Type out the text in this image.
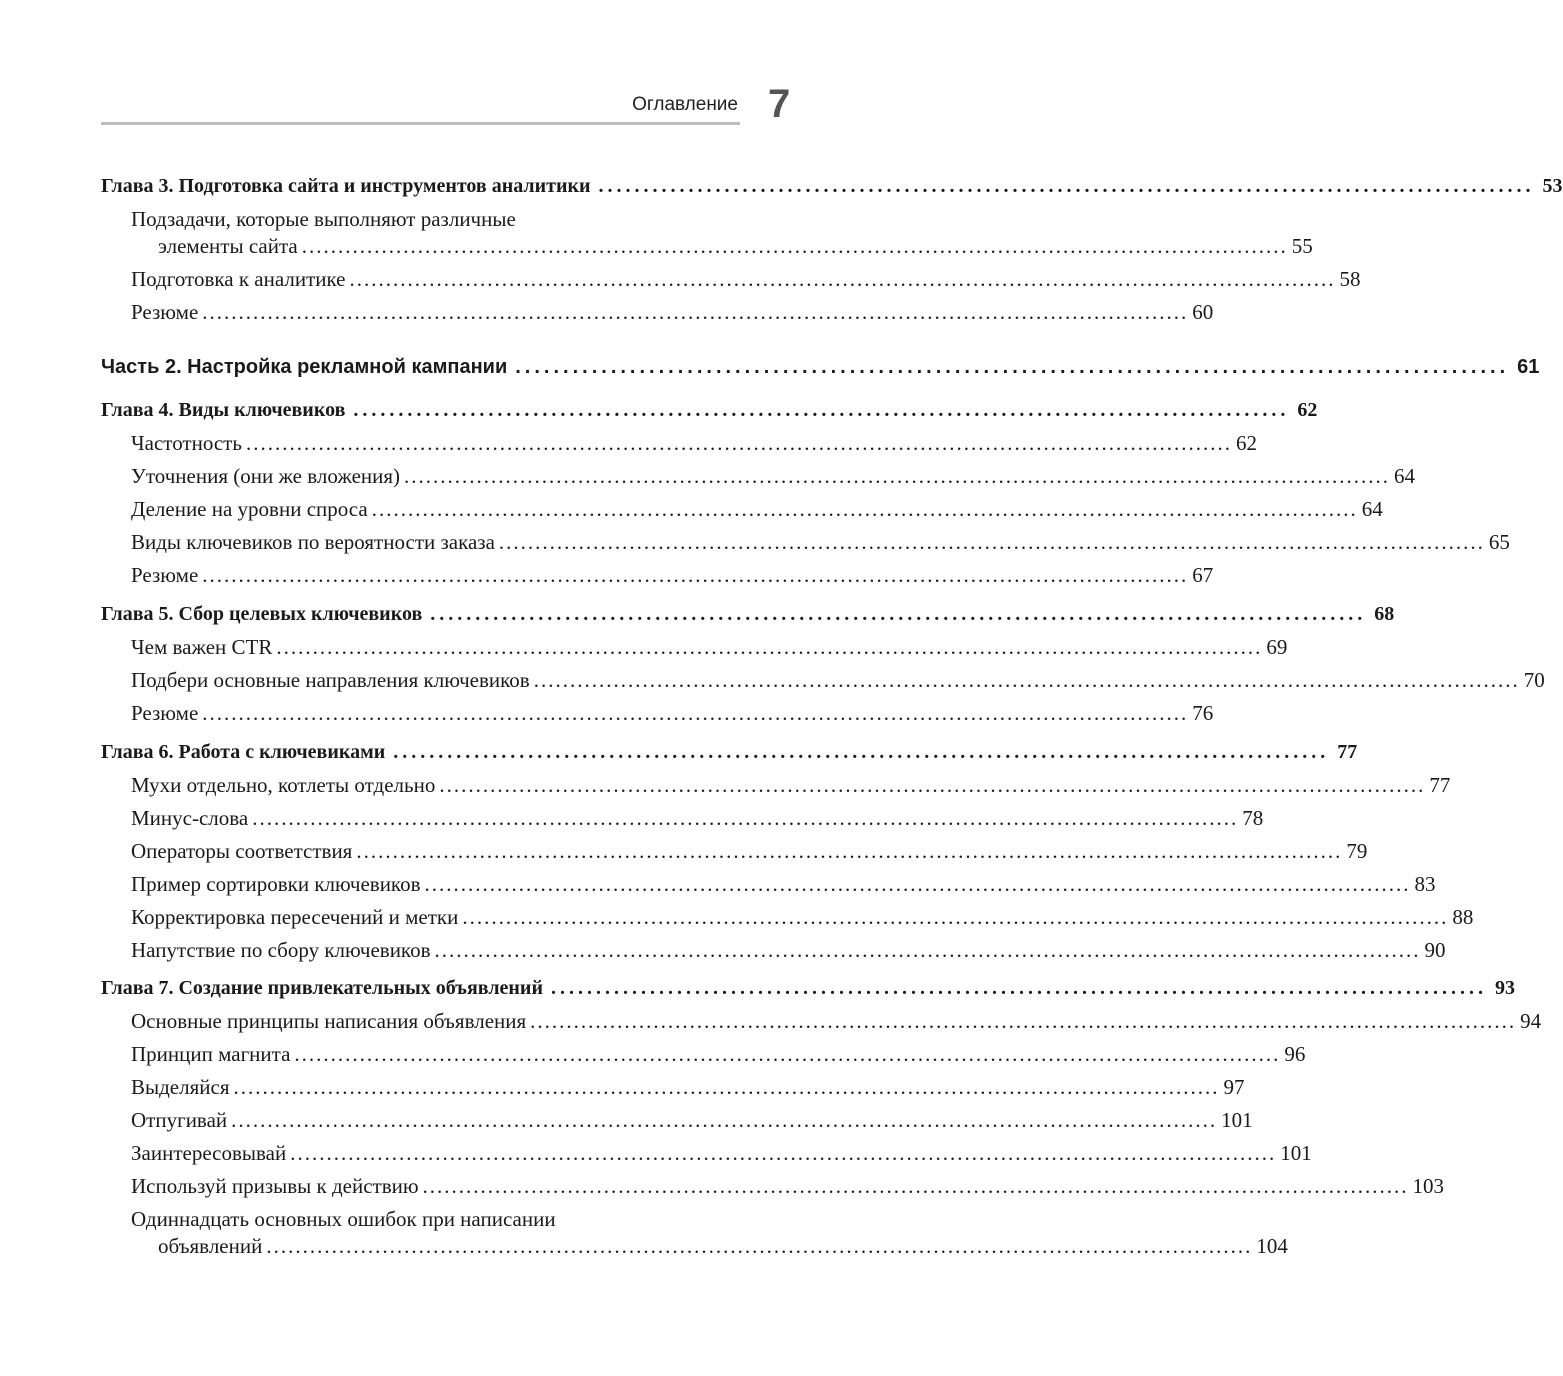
Оглавление 7
Глава 3. Подготовка сайта и инструментов аналитики ........................................................................................................ 53
Подзадачи, которые выполняют различные
элементы сайта ........................................................................................................................................ 55
Подготовка к аналитике ........................................................................................................................................ 58
Резюме ........................................................................................................................................ 60
Часть 2. Настройка рекламной кампании ........................................................................................................ 61
Глава 4. Виды ключевиков ........................................................................................................ 62
Частотность ........................................................................................................................................ 62
Уточнения (они же вложения) ........................................................................................................................................ 64
Деление на уровни спроса ........................................................................................................................................ 64
Виды ключевиков по вероятности заказа ........................................................................................................................................ 65
Резюме ........................................................................................................................................ 67
Глава 5. Сбор целевых ключевиков ........................................................................................................ 68
Чем важен CTR ........................................................................................................................................ 69
Подбери основные направления ключевиков ........................................................................................................................................ 70
Резюме ........................................................................................................................................ 76
Глава 6. Работа с ключевиками ........................................................................................................ 77
Мухи отдельно, котлеты отдельно ........................................................................................................................................ 77
Минус-слова ........................................................................................................................................ 78
Операторы соответствия ........................................................................................................................................ 79
Пример сортировки ключевиков ........................................................................................................................................ 83
Корректировка пересечений и метки ........................................................................................................................................ 88
Напутствие по сбору ключевиков ........................................................................................................................................ 90
Глава 7. Создание привлекательных объявлений ........................................................................................................ 93
Основные принципы написания объявления ........................................................................................................................................ 94
Принцип магнита ........................................................................................................................................ 96
Выделяйся ........................................................................................................................................ 97
Отпугивай ........................................................................................................................................ 101
Заинтересовывай ........................................................................................................................................ 101
Используй призывы к действию ........................................................................................................................................ 103
Одиннадцать основных ошибок при написании
объявлений ........................................................................................................................................ 104
